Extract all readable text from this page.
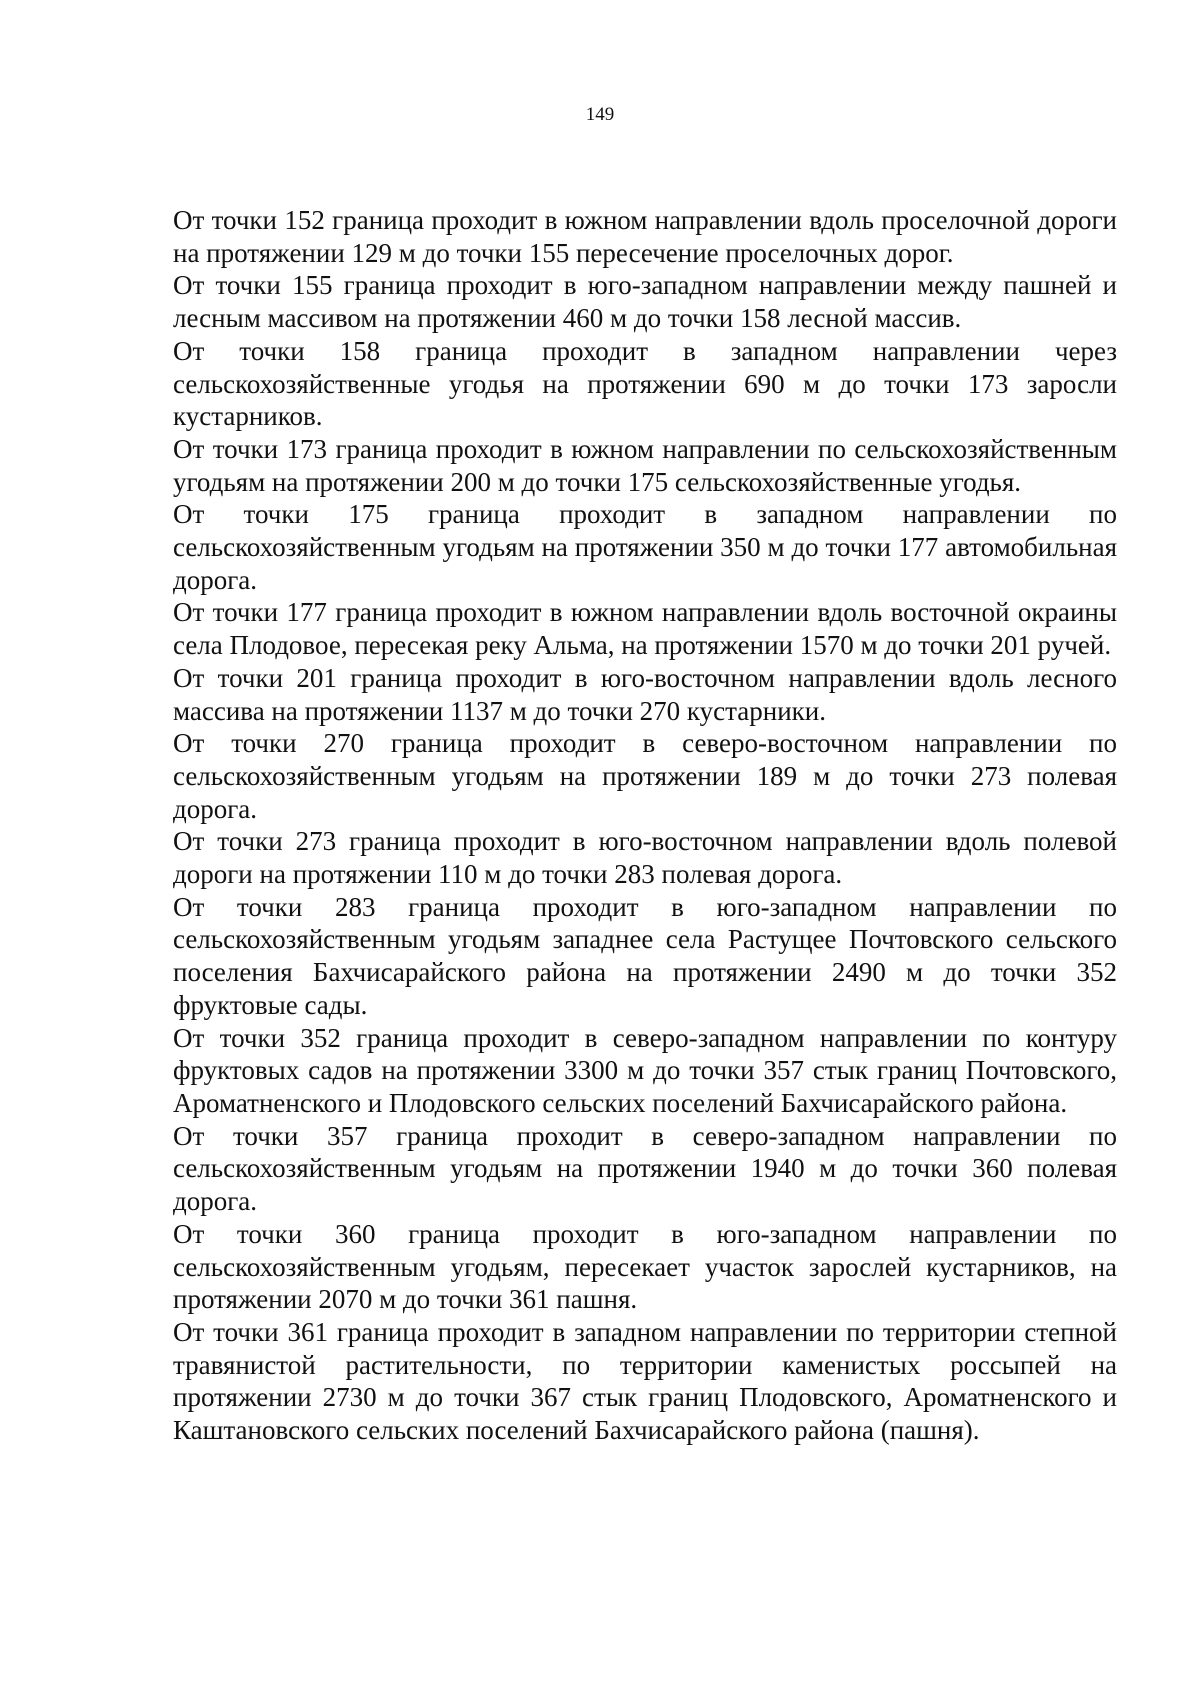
149

От точки 152 граница проходит в южном направлении вдоль проселочной дороги на протяжении 129 м до точки 155 пересечение проселочных дорог.

От точки 155 граница проходит в юго-западном направлении между пашней и лесным массивом на протяжении 460 м до точки 158 лесной массив.

От точки 158 граница проходит в западном направлении через сельскохозяйственные угодья на протяжении 690 м до точки 173 заросли кустарников.

От точки 173 граница проходит в южном направлении по сельскохозяйственным угодьям на протяжении 200 м до точки 175 сельскохозяйственные угодья.

От точки 175 граница проходит в западном направлении по сельскохозяйственным угодьям на протяжении 350 м до точки 177 автомобильная дорога.

От точки 177 граница проходит в южном направлении вдоль восточной окраины села Плодовое, пересекая реку Альма, на протяжении 1570 м до точки 201 ручей.

От точки 201 граница проходит в юго-восточном направлении вдоль лесного массива на протяжении 1137 м до точки 270 кустарники.

От точки 270 граница проходит в северо-восточном направлении по сельскохозяйственным угодьям на протяжении 189 м до точки 273 полевая дорога.

От точки 273 граница проходит в юго-восточном направлении вдоль полевой дороги на протяжении 110 м до точки 283 полевая дорога.

От точки 283 граница проходит в юго-западном направлении по сельскохозяйственным угодьям западнее села Растущее Почтовского сельского поселения Бахчисарайского района на протяжении 2490 м до точки 352 фруктовые сады.

От точки 352 граница проходит в северо-западном направлении по контуру фруктовых садов на протяжении 3300 м до точки 357 стык границ Почтовского, Ароматненского и Плодовского сельских поселений Бахчисарайского района.

От точки 357 граница проходит в северо-западном направлении по сельскохозяйственным угодьям на протяжении 1940 м до точки 360 полевая дорога.

От точки 360 граница проходит в юго-западном направлении по сельскохозяйственным угодьям, пересекает участок зарослей кустарников, на протяжении 2070 м до точки 361 пашня.

От точки 361 граница проходит в западном направлении по территории степной травянистой растительности, по территории каменистых россыпей на протяжении 2730 м до точки 367 стык границ Плодовского, Ароматненского и Каштановского сельских поселений Бахчисарайского района (пашня).
